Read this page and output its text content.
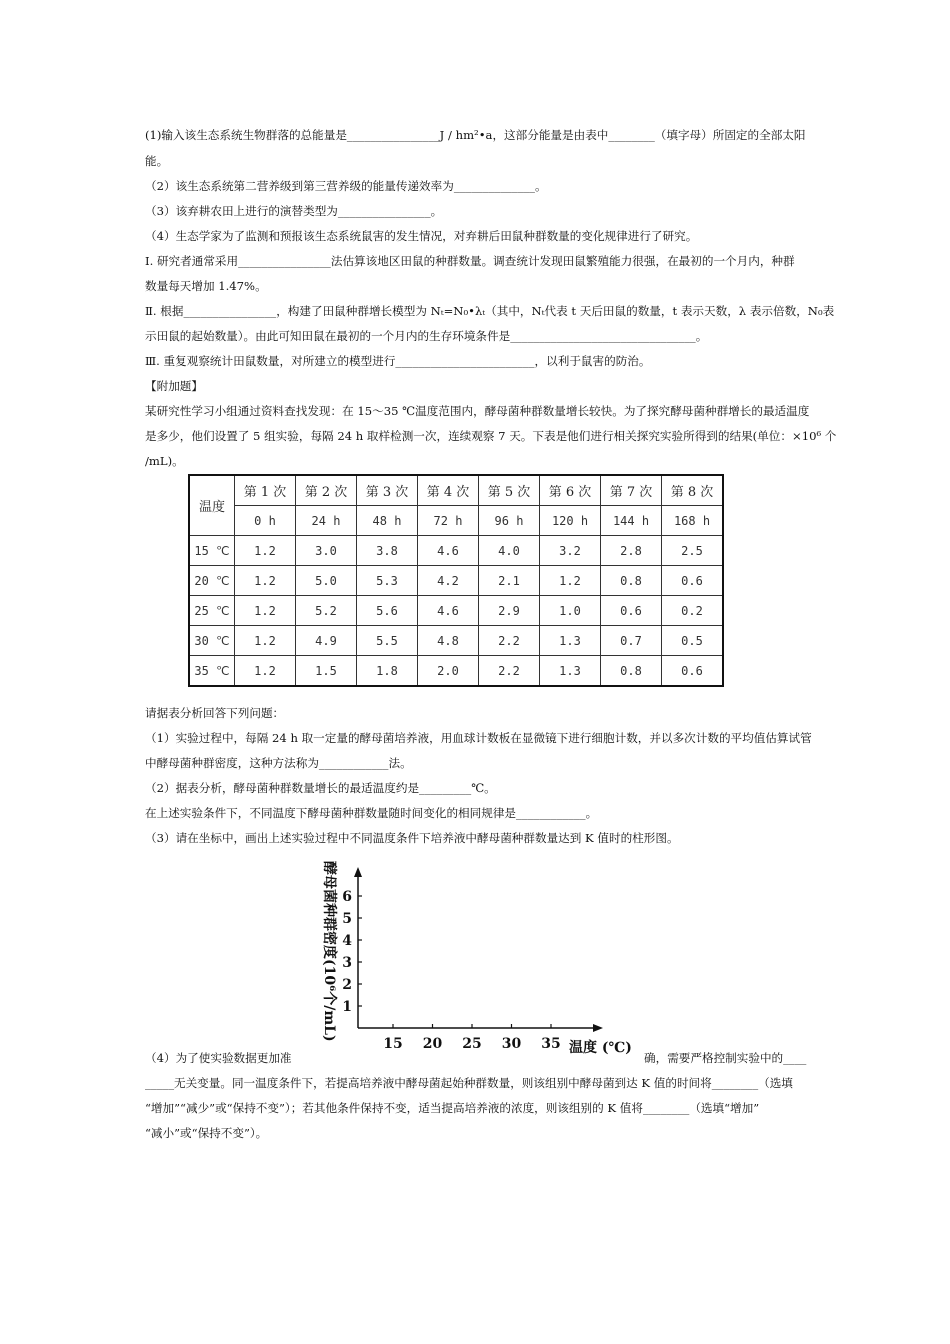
(1)输入该生态系统生物群落的总能量是________________J / hm²•a，这部分能量是由表中________（填字母）所固定的全部太阳
能。
（2）该生态系统第二营养级到第三营养级的能量传递效率为______________。
（3）该弃耕农田上进行的演替类型为________________。
（4）生态学家为了监测和预报该生态系统鼠害的发生情况，对弃耕后田鼠种群数量的变化规律进行了研究。
I. 研究者通常采用________________法估算该地区田鼠的种群数量。调查统计发现田鼠繁殖能力很强，在最初的一个月内，种群
数量每天增加 1.47%。
Ⅱ. 根据________________，构建了田鼠种群增长模型为 Nₜ=N₀•λₜ（其中，Nₜ代表 t 天后田鼠的数量，t 表示天数，λ 表示倍数，N₀表
示田鼠的起始数量）。由此可知田鼠在最初的一个月内的生存环境条件是________________________________。
Ⅲ. 重复观察统计田鼠数量，对所建立的模型进行________________________，以利于鼠害的防治。
【附加题】
某研究性学习小组通过资料查找发现：在 15～35 ℃温度范围内，酵母菌种群数量增长较快。为了探究酵母菌种群增长的最适温度
是多少，他们设置了 5 组实验，每隔 24 h 取样检测一次，连续观察 7 天。下表是他们进行相关探究实验所得到的结果(单位：×10⁶ 个
/mL)。
温度	第 1 次	第 2 次	第 3 次	第 4 次	第 5 次	第 6 次	第 7 次	第 8 次
	0 h	24 h	48 h	72 h	96 h	120 h	144 h	168 h
15 ℃	1.2	3.0	3.8	4.6	4.0	3.2	2.8	2.5
20 ℃	1.2	5.0	5.3	4.2	2.1	1.2	0.8	0.6
25 ℃	1.2	5.2	5.6	4.6	2.9	1.0	0.6	0.2
30 ℃	1.2	4.9	5.5	4.8	2.2	1.3	0.7	0.5
35 ℃	1.2	1.5	1.8	2.0	2.2	1.3	0.8	0.6
请据表分析回答下列问题：
（1）实验过程中，每隔 24 h 取一定量的酵母菌培养液，用血球计数板在显微镜下进行细胞计数，并以多次计数的平均值估算试管
中酵母菌种群密度，这种方法称为____________法。
（2）据表分析，酵母菌种群数量增长的最适温度约是_________℃。
在上述实验条件下，不同温度下酵母菌种群数量随时间变化的相同规律是____________。
（3）请在坐标中，画出上述实验过程中不同温度条件下培养液中酵母菌种群数量达到 K 值时的柱形图。
酵母菌种群密度(10⁶个/mL) 1
2
3
4
5
6
15 20 25 30 35 温度 (℃)
（4）为了使实验数据更加准	确，需要严格控制实验中的____
_____无关变量。同一温度条件下，若提高培养液中酵母菌起始种群数量，则该组别中酵母菌到达 K 值的时间将________（选填
“增加”“减少”或“保持不变”）；若其他条件保持不变，适当提高培养液的浓度，则该组别的 K 值将________（选填“增加”
“减小”或“保持不变”）。
